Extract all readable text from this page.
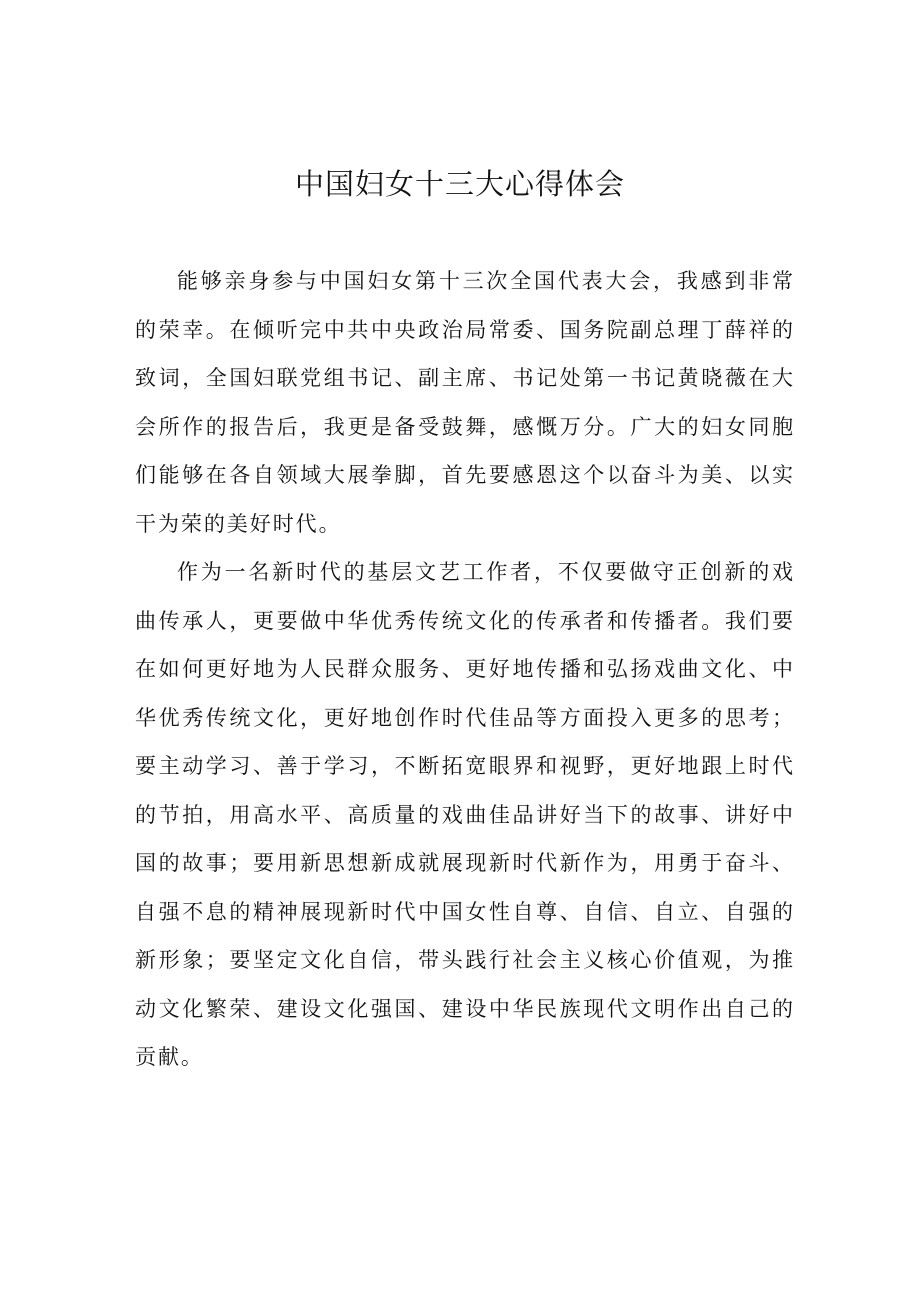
中国妇女十三大心得体会

能够亲身参与中国妇女第十三次全国代表大会，我感到非常的荣幸。在倾听完中共中央政治局常委、国务院副总理丁薛祥的致词，全国妇联党组书记、副主席、书记处第一书记黄晓薇在大会所作的报告后，我更是备受鼓舞，感慨万分。广大的妇女同胞们能够在各自领域大展拳脚，首先要感恩这个以奋斗为美、以实干为荣的美好时代。

作为一名新时代的基层文艺工作者，不仅要做守正创新的戏曲传承人，更要做中华优秀传统文化的传承者和传播者。我们要在如何更好地为人民群众服务、更好地传播和弘扬戏曲文化、中华优秀传统文化，更好地创作时代佳品等方面投入更多的思考；要主动学习、善于学习，不断拓宽眼界和视野，更好地跟上时代的节拍，用高水平、高质量的戏曲佳品讲好当下的故事、讲好中国的故事；要用新思想新成就展现新时代新作为，用勇于奋斗、自强不息的精神展现新时代中国女性自尊、自信、自立、自强的新形象；要坚定文化自信，带头践行社会主义核心价值观，为推动文化繁荣、建设文化强国、建设中华民族现代文明作出自己的贡献。
